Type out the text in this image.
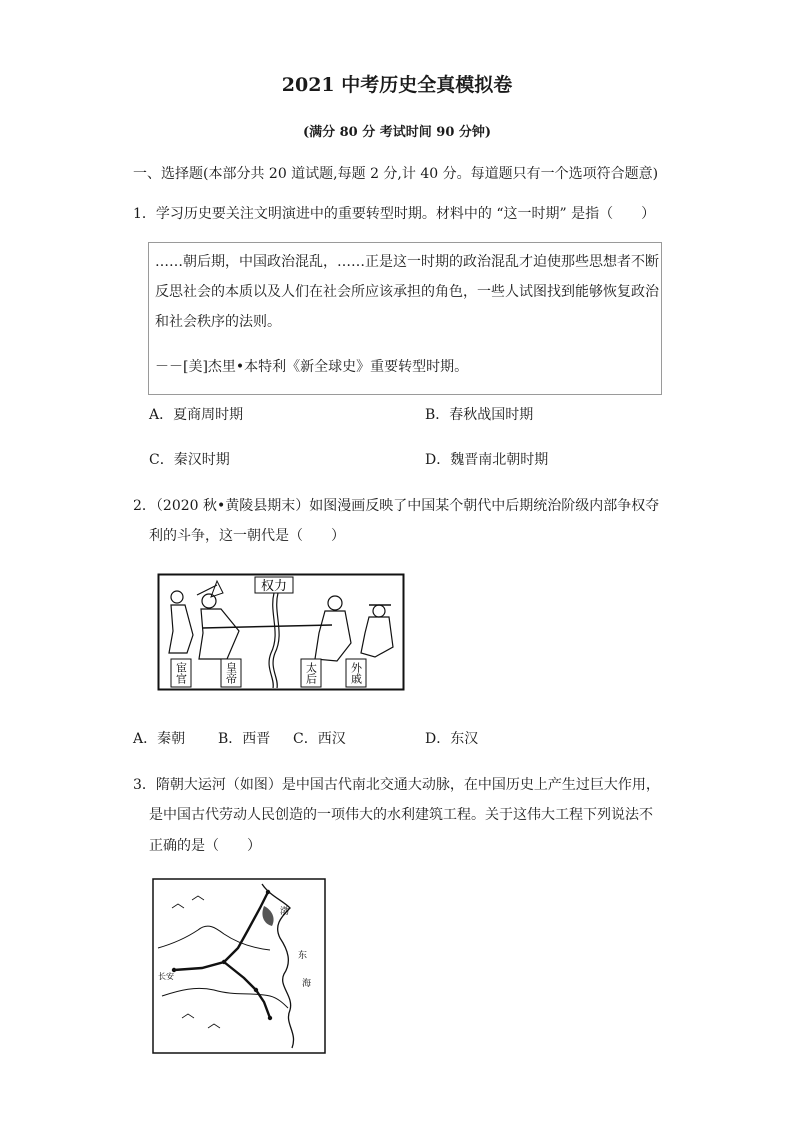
2021 中考历史全真模拟卷
(满分 80 分 考试时间 90 分钟)
一、选择题(本部分共 20 道试题,每题 2 分,计 40 分。每道题只有一个选项符合题意)
1．学习历史要关注文明演进中的重要转型时期。材料中的 “这一时期” 是指（　　）
……朝后期，中国政治混乱，……正是这一时期的政治混乱才迫使那些思想者不断
反思社会的本质以及人们在社会所应该承担的角色，一些人试图找到能够恢复政治
和社会秩序的法则。
－－[美]杰里•本特利《新全球史》重要转型时期。
A．夏商周时期	B．春秋战国时期
C．秦汉时期	D．魏晋南北朝时期
2．（2020 秋•黄陵县期末）如图漫画反映了中国某个朝代中后期统治阶级内部争权夺
利的斗争，这一朝代是（　　）
权力
宦官	皇帝	太后	外戚
A．秦朝 B．西晋 C．西汉	D．东汉
3．隋朝大运河（如图）是中国古代南北交通大动脉，在中国历史上产生过巨大作用，
是中国古代劳动人民创造的一项伟大的水利建筑工程。关于这伟大工程下列说法不
正确的是（　　）
长安
渤
东
海
